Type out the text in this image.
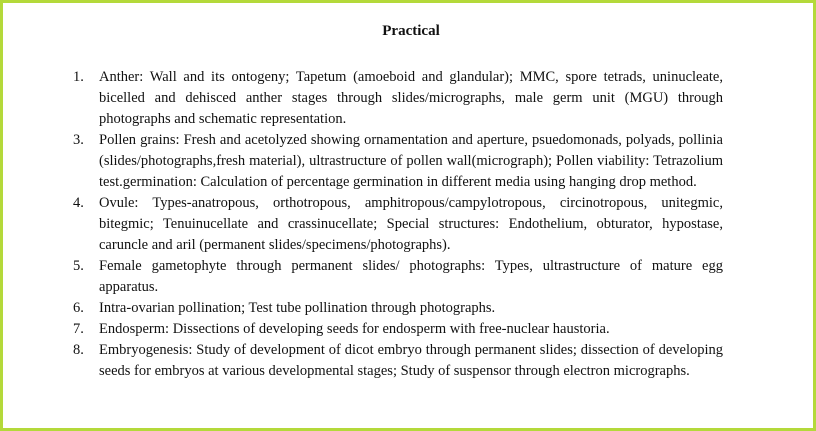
Practical
1. Anther: Wall and its ontogeny; Tapetum (amoeboid and glandular); MMC, spore tetrads, uninucleate, bicelled and dehisced anther stages through slides/micrographs, male germ unit (MGU) through photographs and schematic representation.
3. Pollen grains: Fresh and acetolyzed showing ornamentation and aperture, psuedomonads, polyads, pollinia (slides/photographs,fresh material), ultrastructure of pollen wall(micrograph); Pollen viability: Tetrazolium test.germination: Calculation of percentage germination in different media using hanging drop method.
4. Ovule: Types-anatropous, orthotropous, amphitropous/campylotropous, circinotropous, unitegmic, bitegmic; Tenuinucellate and crassinucellate; Special structures: Endothelium, obturator, hypostase, caruncle and aril (permanent slides/specimens/photographs).
5. Female gametophyte through permanent slides/ photographs: Types, ultrastructure of mature egg apparatus.
6. Intra-ovarian pollination; Test tube pollination through photographs.
7. Endosperm: Dissections of developing seeds for endosperm with free-nuclear haustoria.
8. Embryogenesis: Study of development of dicot embryo through permanent slides; dissection of developing seeds for embryos at various developmental stages; Study of suspensor through electron micrographs.
